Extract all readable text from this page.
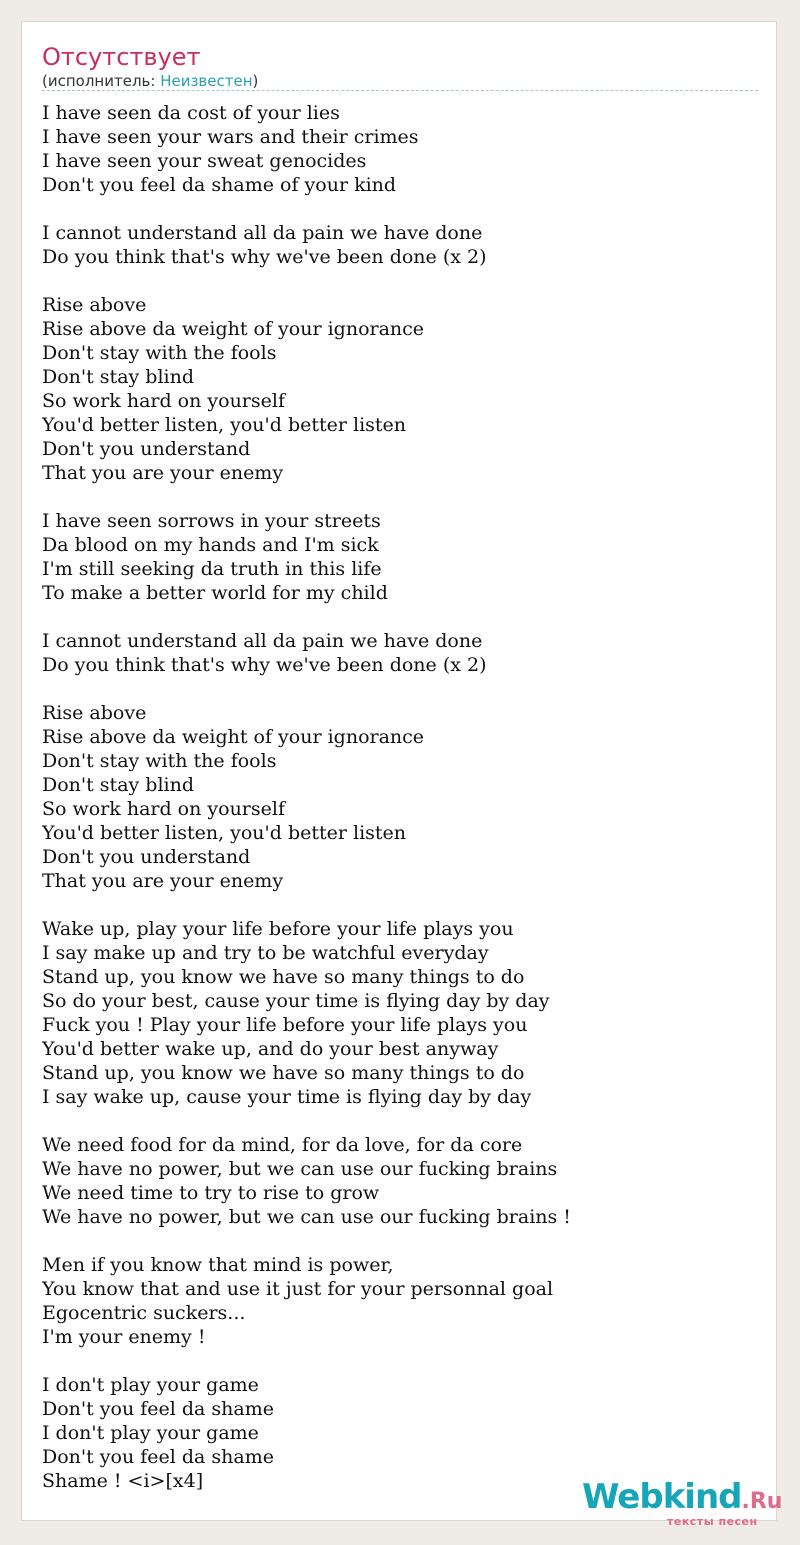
Отсутствует
(исполнитель: Неизвестен)
I have seen da cost of your lies
I have seen your wars and their crimes
I have seen your sweat genocides
Don't you feel da shame of your kind

I cannot understand all da pain we have done
Do you think that's why we've been done (x 2)

Rise above
Rise above da weight of your ignorance
Don't stay with the fools
Don't stay blind
So work hard on yourself
You'd better listen, you'd better listen
Don't you understand
That you are your enemy

I have seen sorrows in your streets
Da blood on my hands and I'm sick
I'm still seeking da truth in this life
To make a better world for my child

I cannot understand all da pain we have done
Do you think that's why we've been done (x 2)

Rise above
Rise above da weight of your ignorance
Don't stay with the fools
Don't stay blind
So work hard on yourself
You'd better listen, you'd better listen
Don't you understand
That you are your enemy

Wake up, play your life before your life plays you
I say make up and try to be watchful everyday
Stand up, you know we have so many things to do
So do your best, cause your time is flying day by day
Fuck you ! Play your life before your life plays you
You'd better wake up, and do your best anyway
Stand up, you know we have so many things to do
I say wake up, cause your time is flying day by day

We need food for da mind, for da love, for da core
We have no power, but we can use our fucking brains
We need time to try to rise to grow
We have no power, but we can use our fucking brains !

Men if you know that mind is power,
You know that and use it just for your personnal goal
Egocentric suckers...
I'm your enemy !

I don't play your game
Don't you feel da shame
I don't play your game
Don't you feel da shame
Shame ! <i>[x4]	Webkind.Ru
тексты песен
